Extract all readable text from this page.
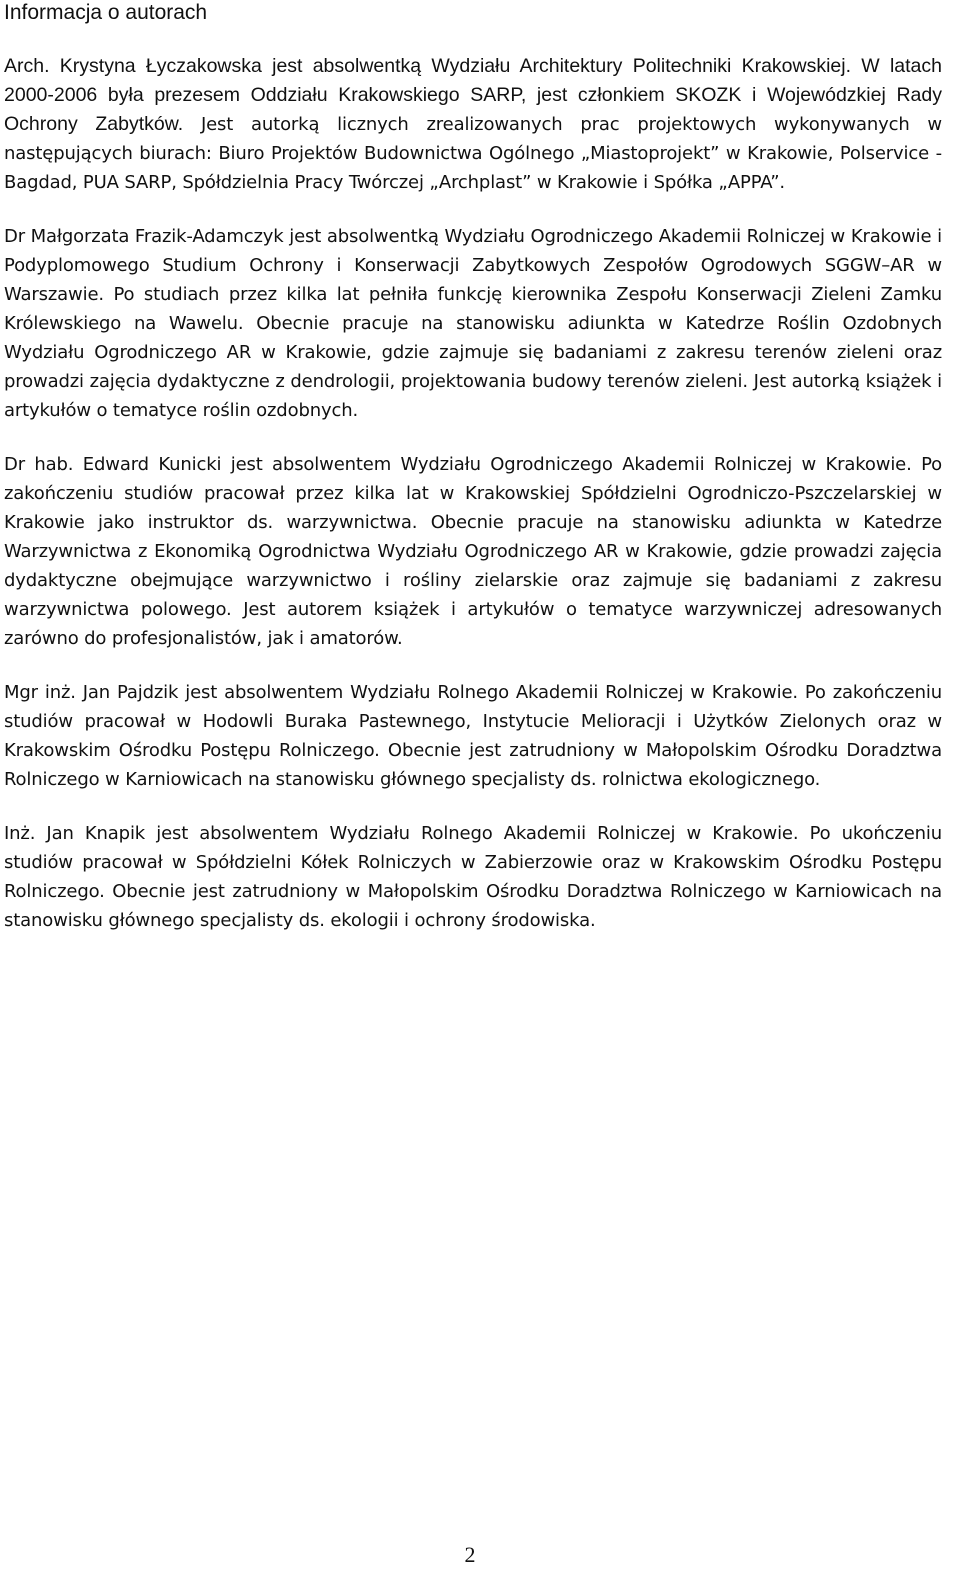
Informacja o autorach

Arch. Krystyna Łyczakowska jest absolwentką Wydziału Architektury Politechniki Krakowskiej. W latach 2000-2006 była prezesem Oddziału Krakowskiego SARP, jest członkiem SKOZK i Wojewódzkiej Rady Ochrony Zabytków. Jest autorką licznych zrealizowanych prac projektowych wykonywanych w następujących biurach: Biuro Projektów Budownictwa Ogólnego „Miastoprojekt” w Krakowie, Polservice - Bagdad, PUA SARP, Spółdzielnia Pracy Twórczej „Archplast” w Krakowie i Spółka „APPA”.

Dr Małgorzata Frazik-Adamczyk jest absolwentką Wydziału Ogrodniczego Akademii Rolniczej w Krakowie i Podyplomowego Studium Ochrony i Konserwacji Zabytkowych Zespołów Ogrodowych SGGW–AR w Warszawie. Po studiach przez kilka lat pełniła funkcję kierownika Zespołu Konserwacji Zieleni Zamku Królewskiego na Wawelu. Obecnie pracuje na stanowisku adiunkta w Katedrze Roślin Ozdobnych Wydziału Ogrodniczego AR w Krakowie, gdzie zajmuje się badaniami z zakresu terenów zieleni oraz prowadzi zajęcia dydaktyczne z dendrologii, projektowania budowy terenów zieleni. Jest autorką książek i artykułów o tematyce roślin ozdobnych.

Dr hab. Edward Kunicki jest absolwentem Wydziału Ogrodniczego Akademii Rolniczej w Krakowie. Po zakończeniu studiów pracował przez kilka lat w Krakowskiej Spółdzielni Ogrodniczo-Pszczelarskiej w Krakowie jako instruktor ds. warzywnictwa. Obecnie pracuje na stanowisku adiunkta w Katedrze Warzywnictwa z Ekonomiką Ogrodnictwa Wydziału Ogrodniczego AR w Krakowie, gdzie prowadzi zajęcia dydaktyczne obejmujące warzywnictwo i rośliny zielarskie oraz zajmuje się badaniami z zakresu warzywnictwa polowego. Jest autorem książek i artykułów o tematyce warzywniczej adresowanych zarówno do profesjonalistów, jak i amatorów.

Mgr inż. Jan Pajdzik jest absolwentem Wydziału Rolnego Akademii Rolniczej w Krakowie. Po zakończeniu studiów pracował w Hodowli Buraka Pastewnego, Instytucie Melioracji i Użytków Zielonych oraz w Krakowskim Ośrodku Postępu Rolniczego. Obecnie jest zatrudniony w Małopolskim Ośrodku Doradztwa Rolniczego w Karniowicach na stanowisku głównego specjalisty ds. rolnictwa ekologicznego.

Inż. Jan Knapik jest absolwentem Wydziału Rolnego Akademii Rolniczej w Krakowie. Po ukończeniu studiów pracował w Spółdzielni Kółek Rolniczych w Zabierzowie oraz w Krakowskim Ośrodku Postępu Rolniczego. Obecnie jest zatrudniony w Małopolskim Ośrodku Doradztwa Rolniczego w Karniowicach na stanowisku głównego specjalisty ds. ekologii i ochrony środowiska.

2
